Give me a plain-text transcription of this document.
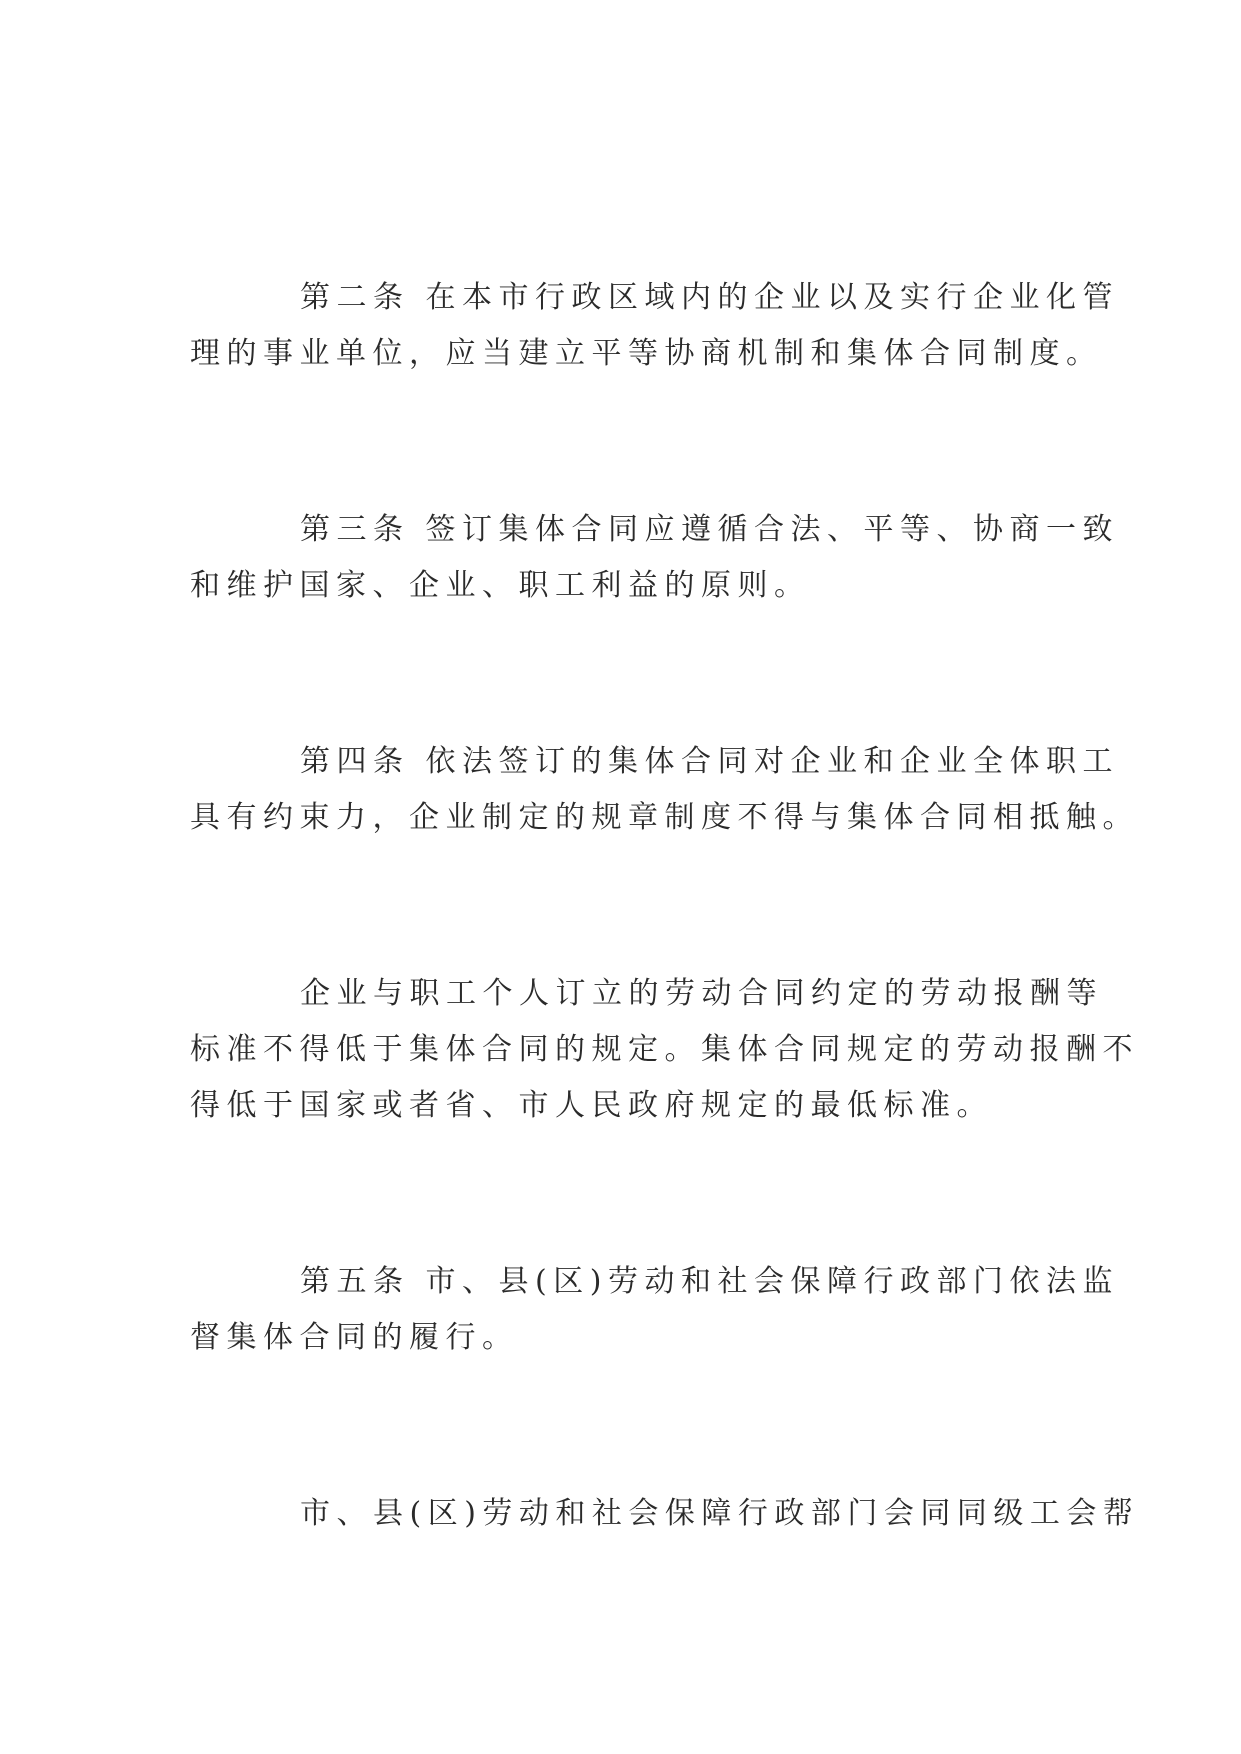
第二条 在本市行政区域内的企业以及实行企业化管
理的事业单位，应当建立平等协商机制和集体合同制度。
第三条 签订集体合同应遵循合法、平等、协商一致
和维护国家、企业、职工利益的原则。
第四条 依法签订的集体合同对企业和企业全体职工
具有约束力，企业制定的规章制度不得与集体合同相抵触。
企业与职工个人订立的劳动合同约定的劳动报酬等
标准不得低于集体合同的规定。集体合同规定的劳动报酬不
得低于国家或者省、市人民政府规定的最低标准。
第五条 市、县(区)劳动和社会保障行政部门依法监
督集体合同的履行。
市、县(区)劳动和社会保障行政部门会同同级工会帮
